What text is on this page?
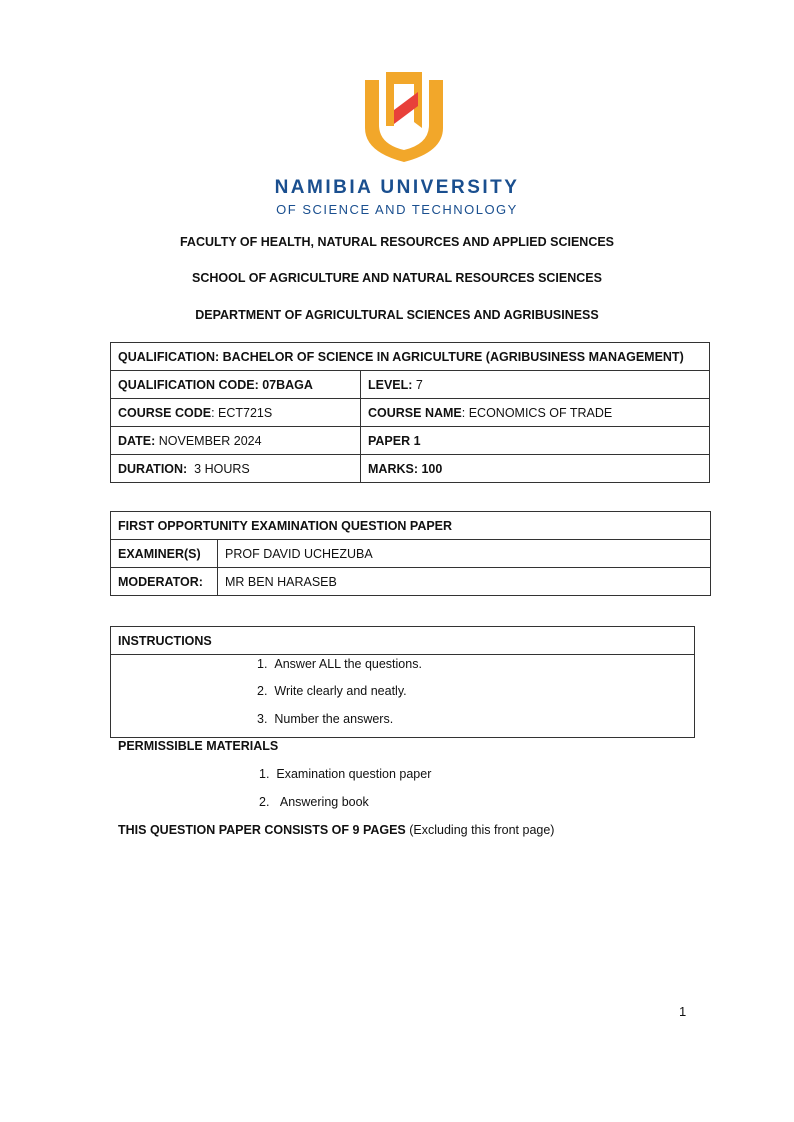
NAMIBIA UNIVERSITY
OF SCIENCE AND TECHNOLOGY
FACULTY OF HEALTH, NATURAL RESOURCES AND APPLIED SCIENCES
SCHOOL OF AGRICULTURE AND NATURAL RESOURCES SCIENCES
DEPARTMENT OF AGRICULTURAL SCIENCES AND AGRIBUSINESS
QUALIFICATION: BACHELOR OF SCIENCE IN AGRICULTURE (AGRIBUSINESS MANAGEMENT)	
QUALIFICATION CODE: 07BAGA	LEVEL: 7
COURSE CODE: ECT721S	COURSE NAME: ECONOMICS OF TRADE
DATE: NOVEMBER 2024	PAPER 1
DURATION:  3 HOURS	MARKS: 100
FIRST OPPORTUNITY EXAMINATION QUESTION PAPER	
EXAMINER(S)	PROF DAVID UCHEZUBA
MODERATOR:	MR BEN HARASEB
INSTRUCTIONS

1. Answer ALL the questions.
2. Write clearly and neatly.
3. Number the answers.
PERMISSIBLE MATERIALS
1. Examination question paper
2. Answering book
THIS QUESTION PAPER CONSISTS OF 9 PAGES (Excluding this front page)
1
